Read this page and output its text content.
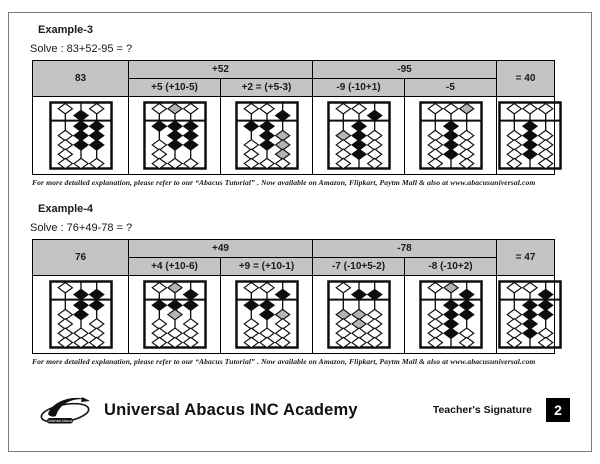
Example-3
Solve : 83+52-95 = ?
83	+52		-95		= 40
	+5 (+10-5)	+2 = (+5-3)	-9 (-10+1)	-5	

For more detailed explanation, please refer to our “Abacus Tutorial” . Now available on Amazon, Flipkart, Paytm Mall & also at www.abacusuniversal.com
Example-4
Solve : 76+49-78 = ?
76	+49		-78		= 47
	+4 (+10-6)	+9 = (+10-1)	-7 (-10+5-2)	-8 (-10+2)	

For more detailed explanation, please refer to our “Abacus Tutorial” . Now available on Amazon, Flipkart, Paytm Mall & also at www.abacusuniversal.com
Universal Abacus
Universal Abacus INC Academy	Teacher's Signature	2
